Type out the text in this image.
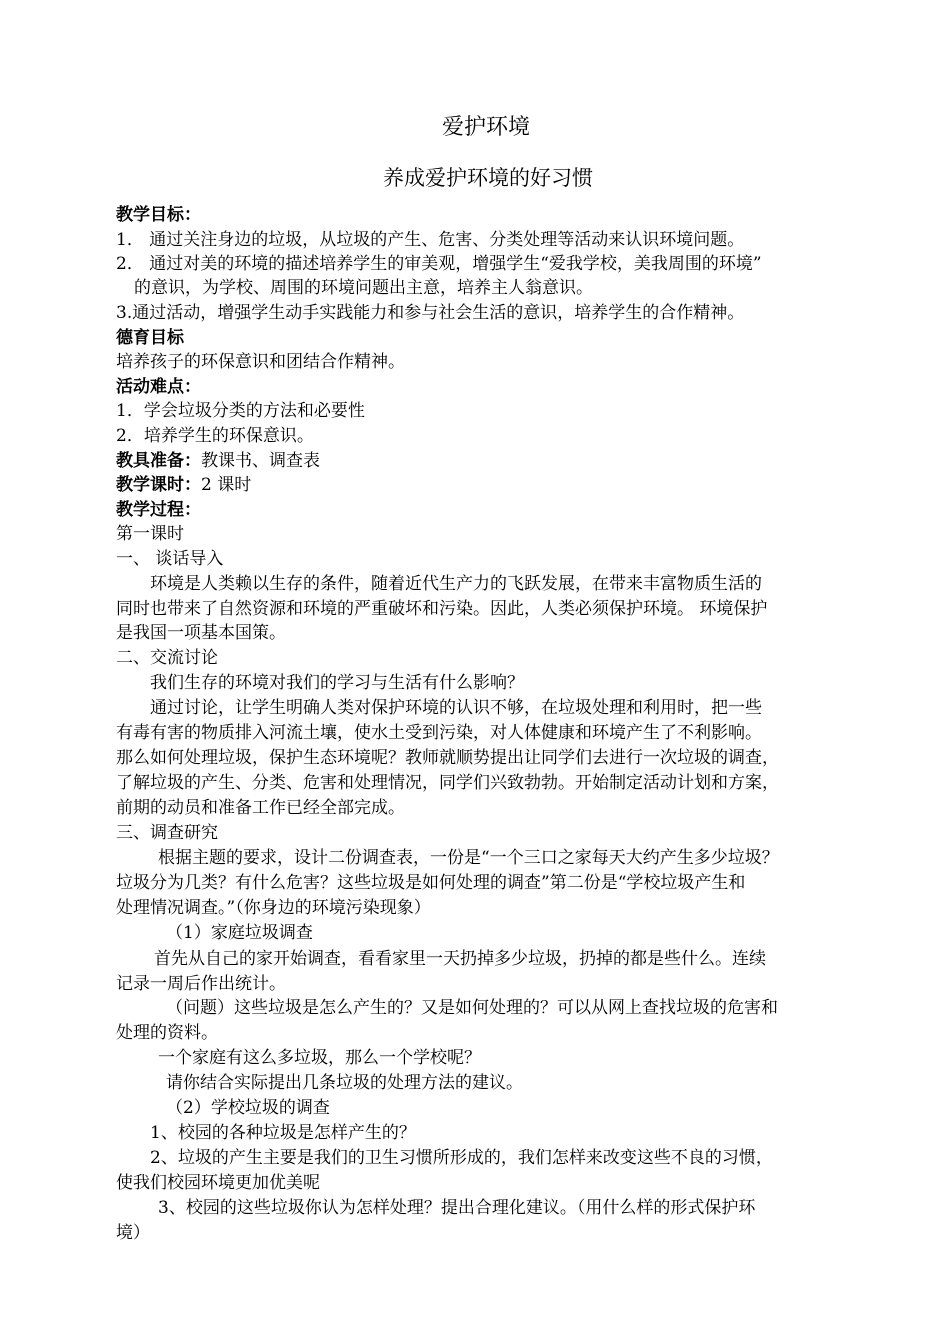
爱护环境
养成爱护环境的好习惯
教学目标：
1． 通过关注身边的垃圾，从垃圾的产生、危害、分类处理等活动来认识环境问题。
2． 通过对美的环境的描述培养学生的审美观，增强学生“爱我学校，美我周围的环境”
的意识，为学校、周围的环境问题出主意，培养主人翁意识。
3.通过活动，增强学生动手实践能力和参与社会生活的意识，培养学生的合作精神。
德育目标
培养孩子的环保意识和团结合作精神。
活动难点：
1．学会垃圾分类的方法和必要性
2．培养学生的环保意识。
教具准备：教课书、调查表
教学课时：2 课时
教学过程：
第一课时
一、 谈话导入
环境是人类赖以生存的条件，随着近代生产力的飞跃发展，在带来丰富物质生活的
同时也带来了自然资源和环境的严重破坏和污染。因此，人类必须保护环境。 环境保护
是我国一项基本国策。
二、交流讨论
我们生存的环境对我们的学习与生活有什么影响？
通过讨论，让学生明确人类对保护环境的认识不够，在垃圾处理和利用时，把一些
有毒有害的物质排入河流土壤，使水土受到污染，对人体健康和环境产生了不利影响。
那么如何处理垃圾，保护生态环境呢？教师就顺势提出让同学们去进行一次垃圾的调查，
了解垃圾的产生、分类、危害和处理情况，同学们兴致勃勃。开始制定活动计划和方案，
前期的动员和准备工作已经全部完成。
三、调查研究
根据主题的要求，设计二份调查表，一份是“一个三口之家每天大约产生多少垃圾？
垃圾分为几类？有什么危害？这些垃圾是如何处理的调查”第二份是“学校垃圾产生和
处理情况调查。”（你身边的环境污染现象）
（1）家庭垃圾调查
首先从自己的家开始调查，看看家里一天扔掉多少垃圾，扔掉的都是些什么。连续
记录一周后作出统计。
（问题）这些垃圾是怎么产生的？又是如何处理的？可以从网上查找垃圾的危害和
处理的资料。
一个家庭有这么多垃圾，那么一个学校呢？
请你结合实际提出几条垃圾的处理方法的建议。
（2）学校垃圾的调查
1、校园的各种垃圾是怎样产生的？
2、垃圾的产生主要是我们的卫生习惯所形成的，我们怎样来改变这些不良的习惯，
使我们校园环境更加优美呢
3、校园的这些垃圾你认为怎样处理？提出合理化建议。（用什么样的形式保护环
境）
